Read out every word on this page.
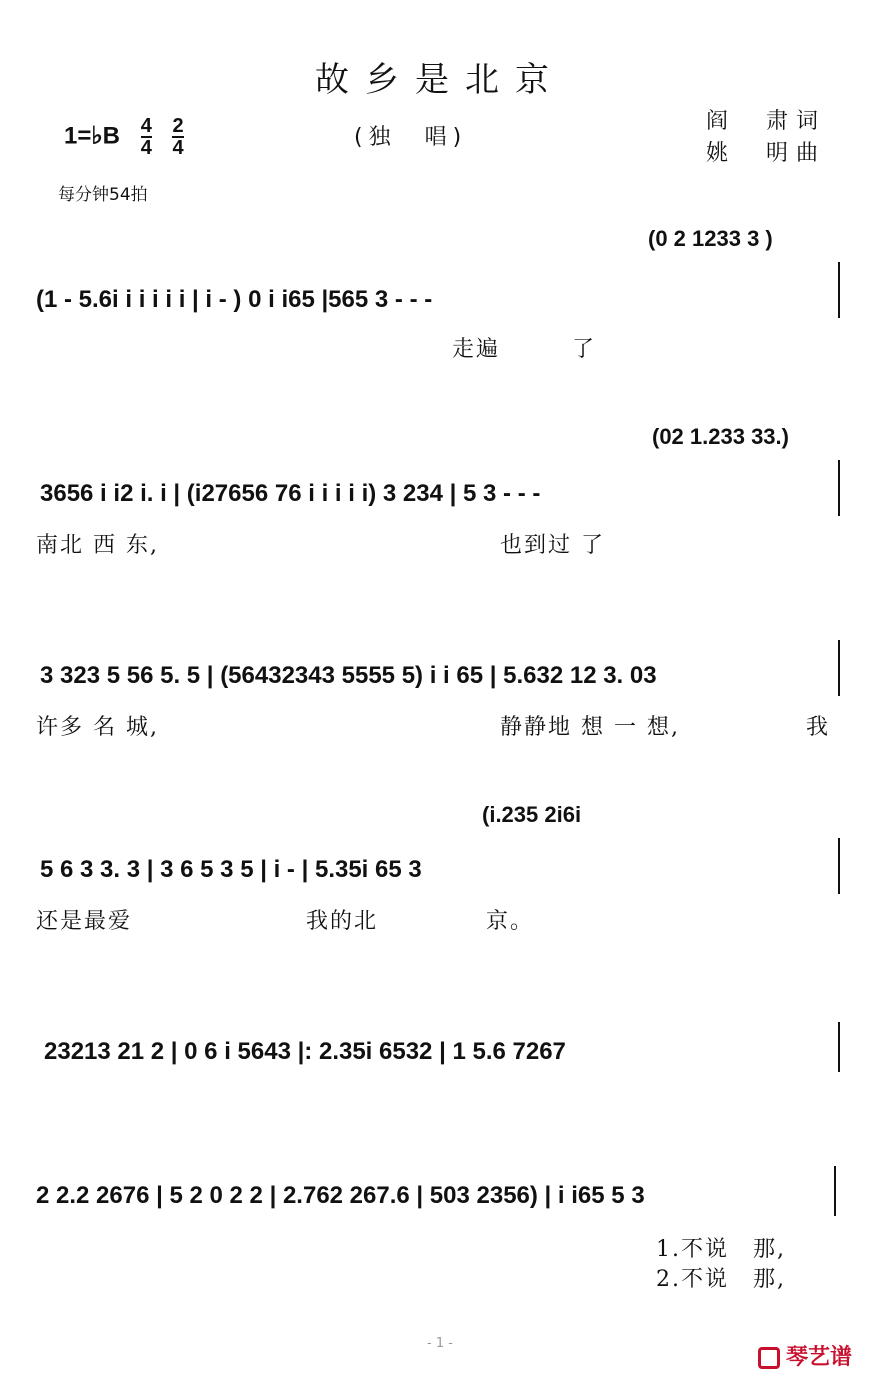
故乡是北京
1=♭B $\frac{4}{4}$
$\frac{2}{4}$	(独　唱)
阎　肃词
姚　明曲
每分钟54拍
(0 2 1233 3 )
(1 - 5.6i i i i i i | i - ) 0 i i65 |565 3 - - -
走遍　　　了
(02 1.233 33.)
3656 i i2 i. i | (i27656 76 i i i i i) 3 234 | 5 3 - - -
南北 西 东,	也到过 了
3 323 5 56 5. 5 | (56432343 5555 5) i i 65 | 5.632 12 3. 03
许多 名 城,	静静地 想 一 想,	我
(i.235 2i6i
5 6 3 3. 3 | 3 6 5 3 5 | i - | 5.35i 65 3
还是最爱	我的北	京。
23213 21 2 | 0 6 i 5643 |: 2.35i 6532 | 1 5.6 7267
2 2.2 2676 | 5 2 0 2 2 | 2.762 267.6 | 503 2356) | i i65 5 3
1.不说　那,
2.不说　那,
- 1 -
琴艺谱
